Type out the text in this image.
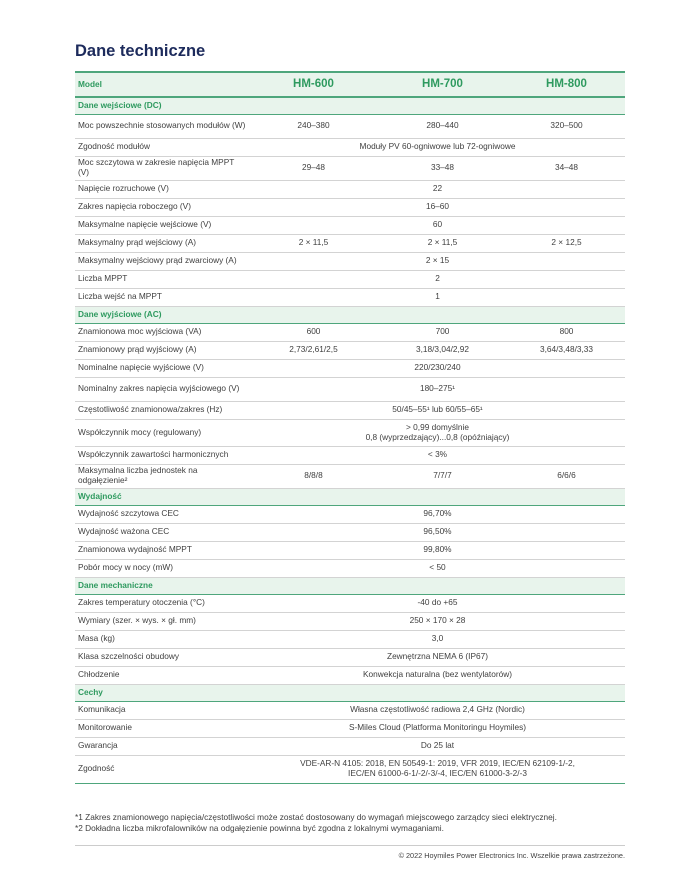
Dane techniczne
Model	HM-600	HM-700	HM-800
Dane wejściowe (DC)			
Moc powszechnie stosowanych modułów (W)	240–380	280–440	320–500
Zgodność modułów	Moduły PV 60-ogniwowe lub 72-ogniwowe		
Moc szczytowa w zakresie napięcia MPPT (V)	29–48	33–48	34–48
Napięcie rozruchowe (V)	22		
Zakres napięcia roboczego (V)	16–60		
Maksymalne napięcie wejściowe (V)	60		
Maksymalny prąd wejściowy (A)	2 × 11,5	2 × 11,5	2 × 12,5
Maksymalny wejściowy prąd zwarciowy (A)	2 × 15		
Liczba MPPT	2		
Liczba wejść na MPPT	1		
Dane wyjściowe (AC)			
Znamionowa moc wyjściowa (VA)	600	700	800
Znamionowy prąd wyjściowy (A)	2,73/2,61/2,5	3,18/3,04/2,92	3,64/3,48/3,33
Nominalne napięcie wyjściowe (V)	220/230/240		
Nominalny zakres napięcia wyjściowego (V)	180–275¹		
Częstotliwość znamionowa/zakres (Hz)	50/45–55¹ lub 60/55–65¹		
Współczynnik mocy (regulowany)	> 0,99 domyślnie
0,8 (wyprzedzający)...0,8 (opóźniający)		
Współczynnik zawartości harmonicznych	< 3%		
Maksymalna liczba jednostek na odgałęzienie²	8/8/8	7/7/7	6/6/6
Wydajność			
Wydajność szczytowa CEC	96,70%		
Wydajność ważona CEC	96,50%		
Znamionowa wydajność MPPT	99,80%		
Pobór mocy w nocy (mW)	< 50		
Dane mechaniczne			
Zakres temperatury otoczenia (°C)	-40 do +65		
Wymiary (szer. × wys. × gł. mm)	250 × 170 × 28		
Masa (kg)	3,0		
Klasa szczelności obudowy	Zewnętrzna NEMA 6 (IP67)		
Chłodzenie	Konwekcja naturalna (bez wentylatorów)		
Cechy			
Komunikacja	Własna częstotliwość radiowa 2,4 GHz (Nordic)		
Monitorowanie	S-Miles Cloud (Platforma Monitoringu Hoymiles)		
Gwarancja	Do 25 lat		
Zgodność	VDE-AR-N 4105: 2018, EN 50549-1: 2019, VFR 2019, IEC/EN 62109-1/-2,
IEC/EN 61000-6-1/-2/-3/-4, IEC/EN 61000-3-2/-3		
*1 Zakres znamionowego napięcia/częstotliwości może zostać dostosowany do wymagań miejscowego zarządcy sieci elektrycznej.
*2 Dokładna liczba mikrofalowników na odgałęzienie powinna być zgodna z lokalnymi wymaganiami.
© 2022 Hoymiles Power Electronics Inc. Wszelkie prawa zastrzeżone.
